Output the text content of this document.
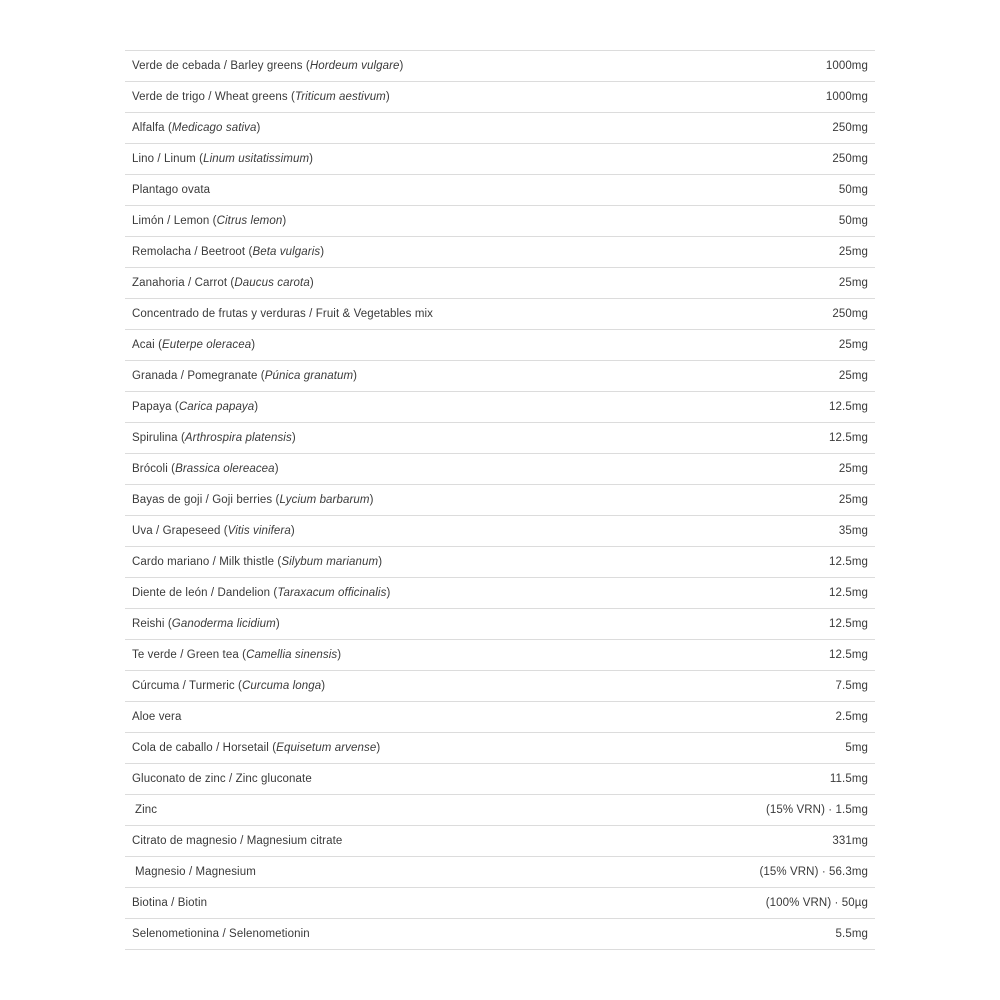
Verde de cebada / Barley greens (Hordeum vulgare)	1000mg
Verde de trigo / Wheat greens (Triticum aestivum)	1000mg
Alfalfa (Medicago sativa)	250mg
Lino / Linum (Linum usitatissimum)	250mg
Plantago ovata	50mg
Limón / Lemon (Citrus lemon)	50mg
Remolacha / Beetroot (Beta vulgaris)	25mg
Zanahoria / Carrot (Daucus carota)	25mg
Concentrado de frutas y verduras / Fruit & Vegetables mix	250mg
Acai (Euterpe oleracea)	25mg
Granada / Pomegranate (Púnica granatum)	25mg
Papaya (Carica papaya)	12.5mg
Spirulina (Arthrospira platensis)	12.5mg
Brócoli (Brassica olereacea)	25mg
Bayas de goji / Goji berries (Lycium barbarum)	25mg
Uva / Grapeseed (Vitis vinifera)	35mg
Cardo mariano / Milk thistle (Silybum marianum)	12.5mg
Diente de león / Dandelion (Taraxacum officinalis)	12.5mg
Reishi (Ganoderma licidium)	12.5mg
Te verde / Green tea (Camellia sinensis)	12.5mg
Cúrcuma / Turmeric (Curcuma longa)	7.5mg
Aloe vera	2.5mg
Cola de caballo / Horsetail (Equisetum arvense)	5mg
Gluconato de zinc / Zinc gluconate	11.5mg
Zinc	(15% VRN) · 1.5mg
Citrato de magnesio / Magnesium citrate	331mg
Magnesio / Magnesium	(15% VRN) · 56.3mg
Biotina / Biotin	(100% VRN) · 50µg
Selenometionina / Selenometionin	5.5mg
